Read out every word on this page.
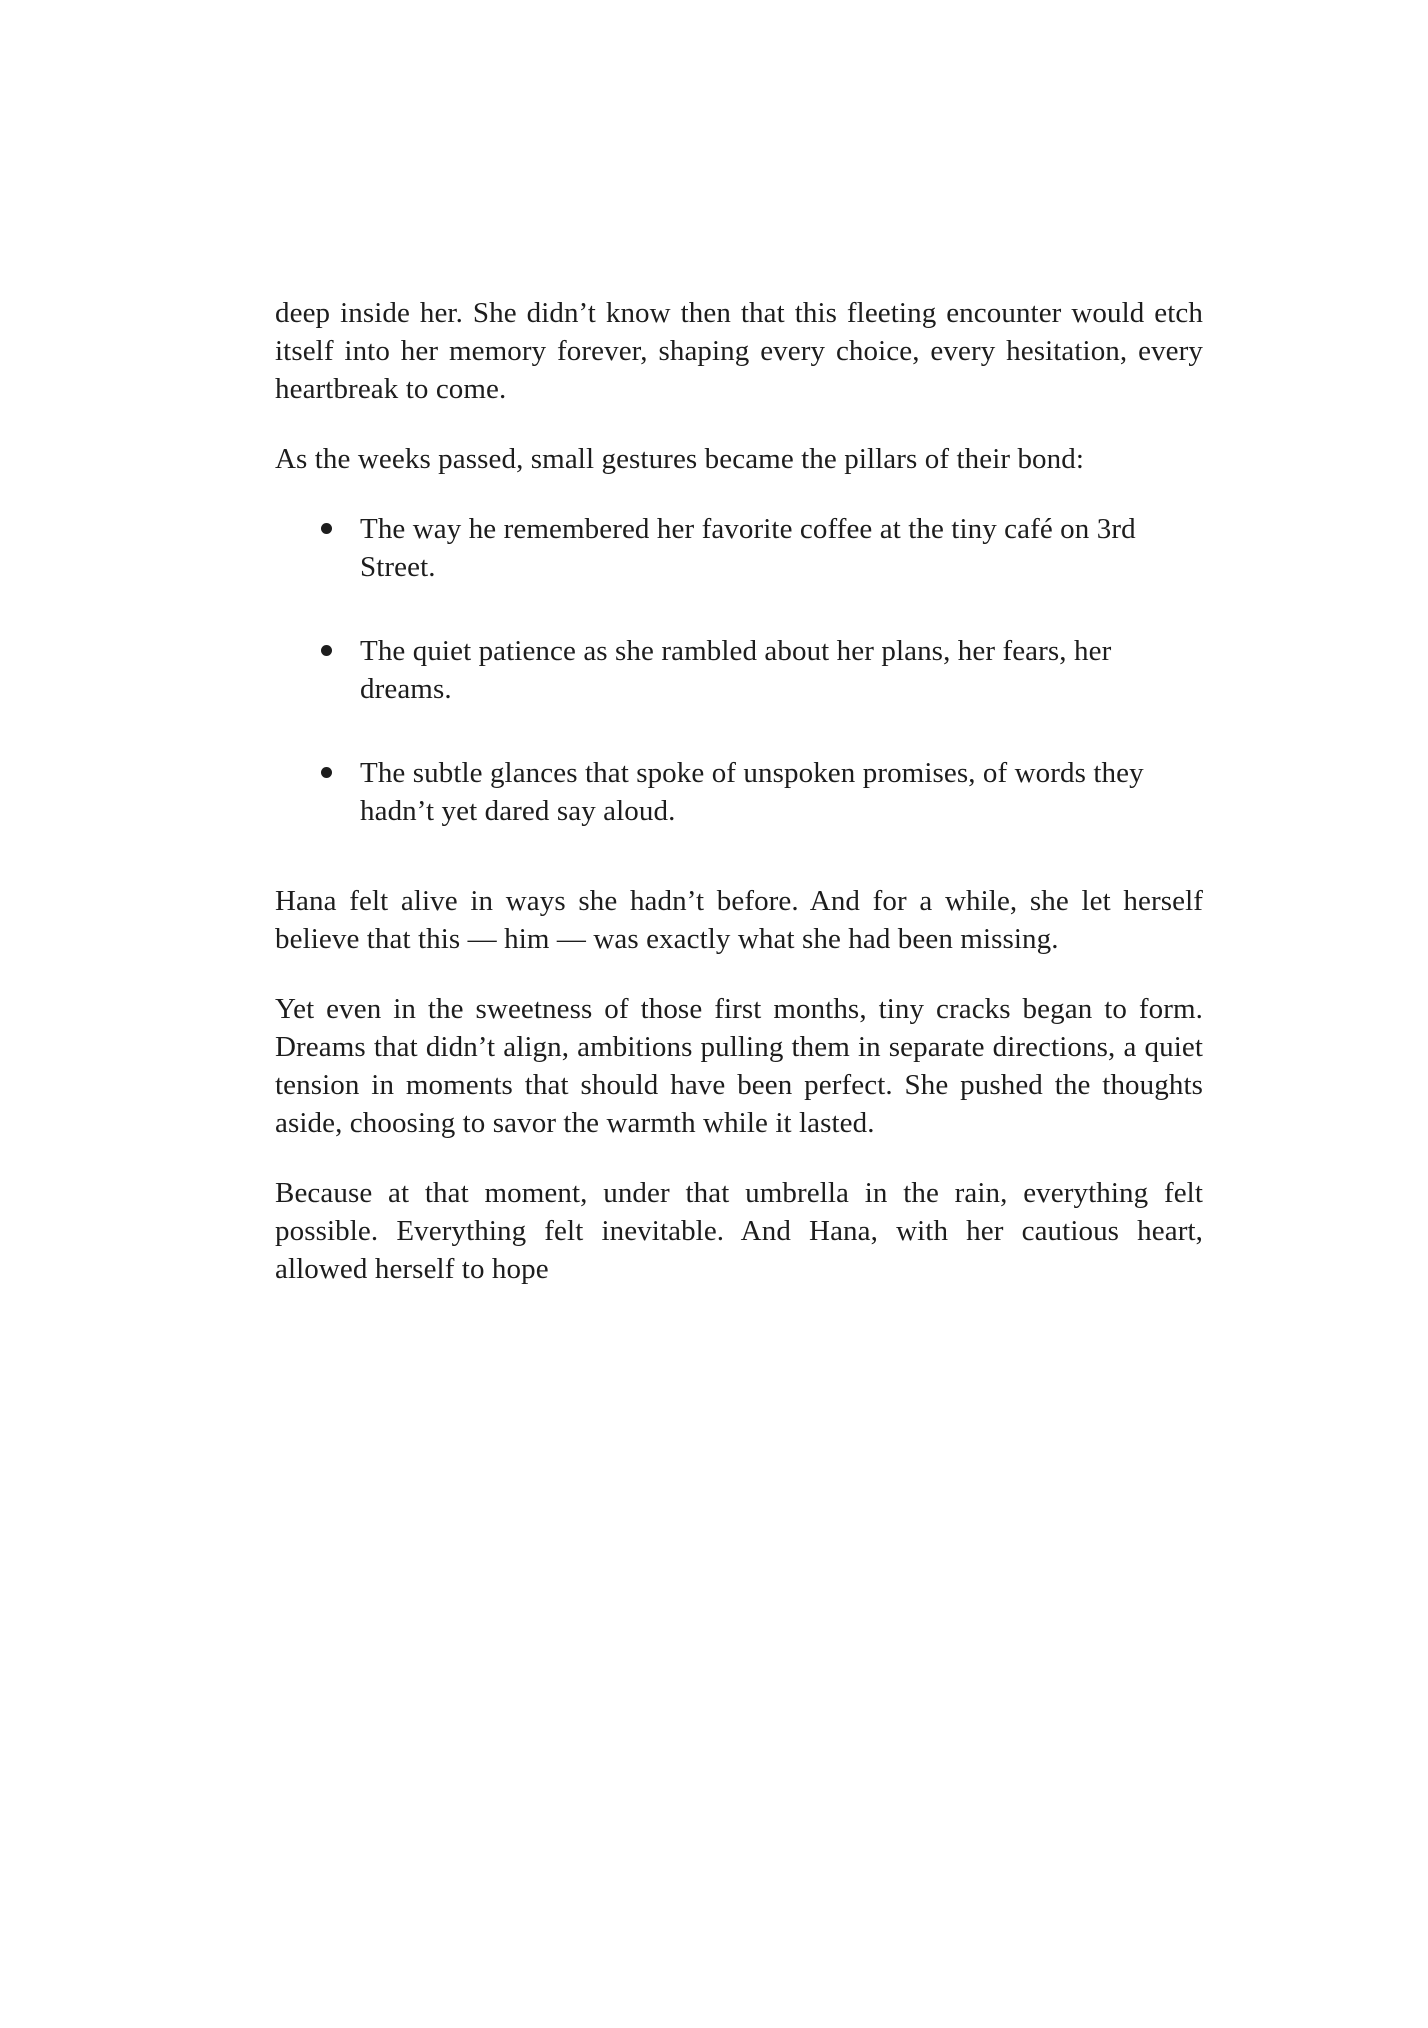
deep inside her. She didn’t know then that this fleeting encounter would etch itself into her memory forever, shaping every choice, every hesitation, every heartbreak to come.

As the weeks passed, small gestures became the pillars of their bond:

The way he remembered her favorite coffee at the tiny café on 3rd Street.
The quiet patience as she rambled about her plans, her fears, her dreams.
The subtle glances that spoke of unspoken promises, of words they hadn’t yet dared say aloud.

Hana felt alive in ways she hadn’t before. And for a while, she let herself believe that this — him — was exactly what she had been missing.

Yet even in the sweetness of those first months, tiny cracks began to form. Dreams that didn’t align, ambitions pulling them in separate directions, a quiet tension in moments that should have been perfect. She pushed the thoughts aside, choosing to savor the warmth while it lasted.

Because at that moment, under that umbrella in the rain, everything felt possible. Everything felt inevitable. And Hana, with her cautious heart, allowed herself to hope
